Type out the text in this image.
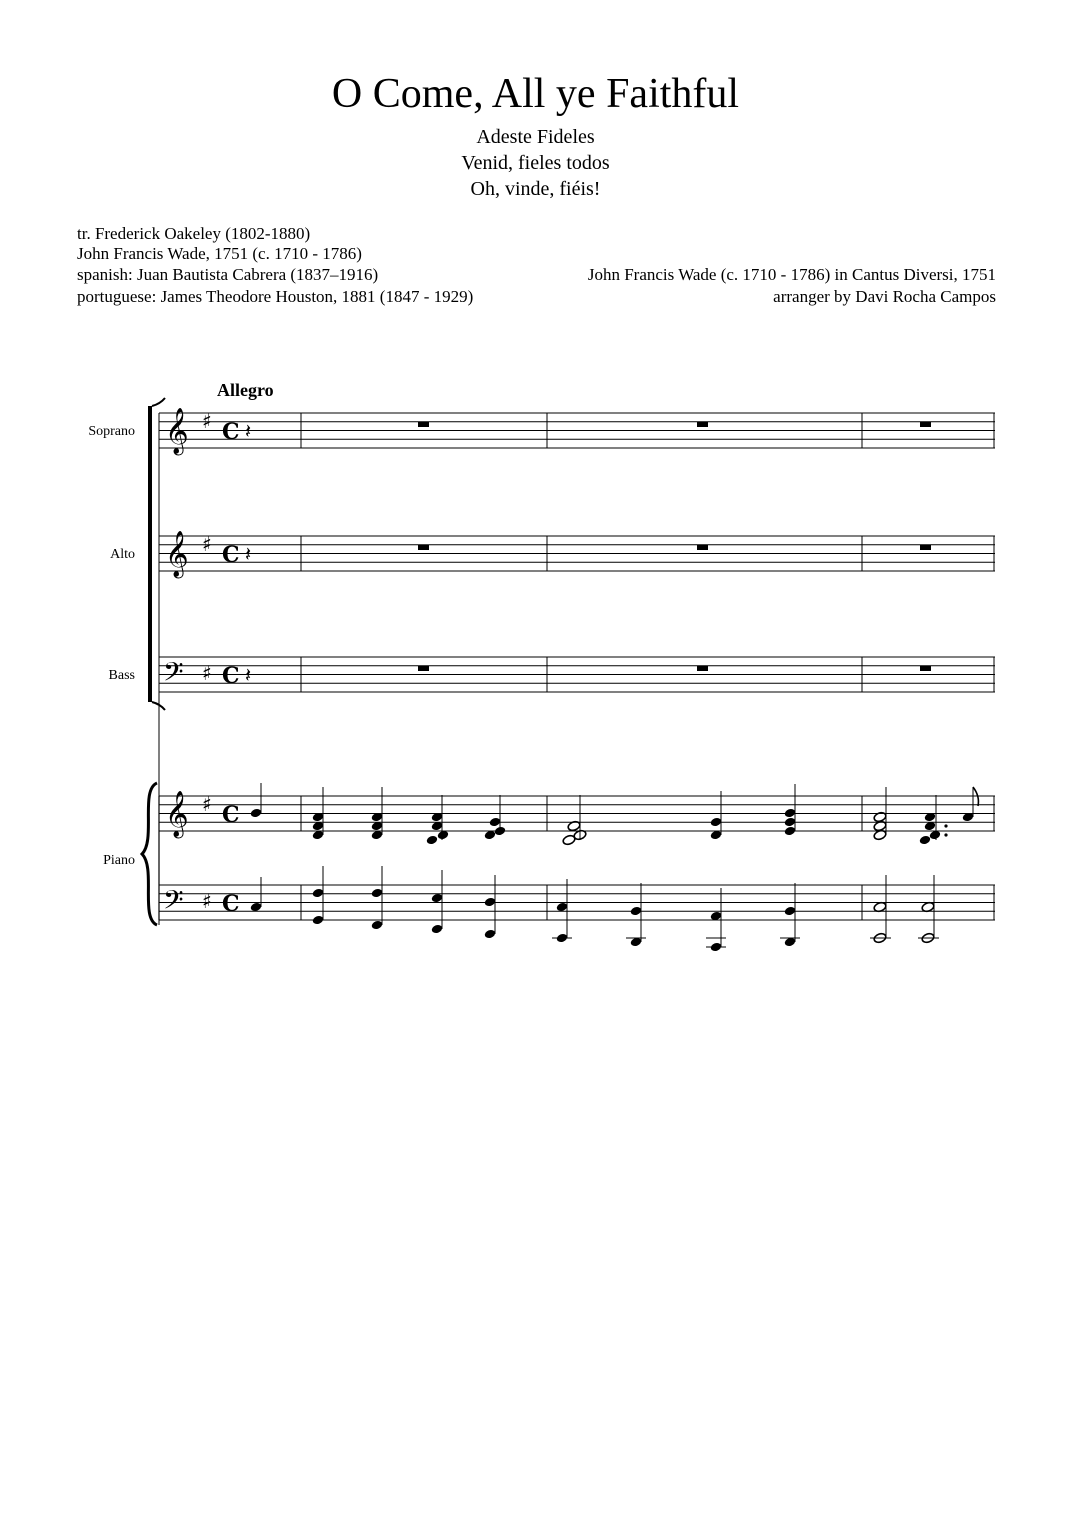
O Come, All ye Faithful
Adeste Fideles
Venid, fieles todos
Oh, vinde, fiéis!
tr. Frederick Oakeley (1802-1880)
John Francis Wade, 1751 (c. 1710 - 1786)
spanish: Juan Bautista Cabrera (1837–1916)
portuguese: James Theodore Houston, 1881 (1847 - 1929)
John Francis Wade (c. 1710 - 1786) in Cantus Diversi, 1751
arranger by Davi Rocha Campos
Allegro
Soprano
Alto
Bass
Piano
𝄞 ♯ C 𝄽
𝄞 ♯ C 𝄽
𝄢 ♯ C 𝄽
𝄞 ♯ C
𝄢 ♯ C
